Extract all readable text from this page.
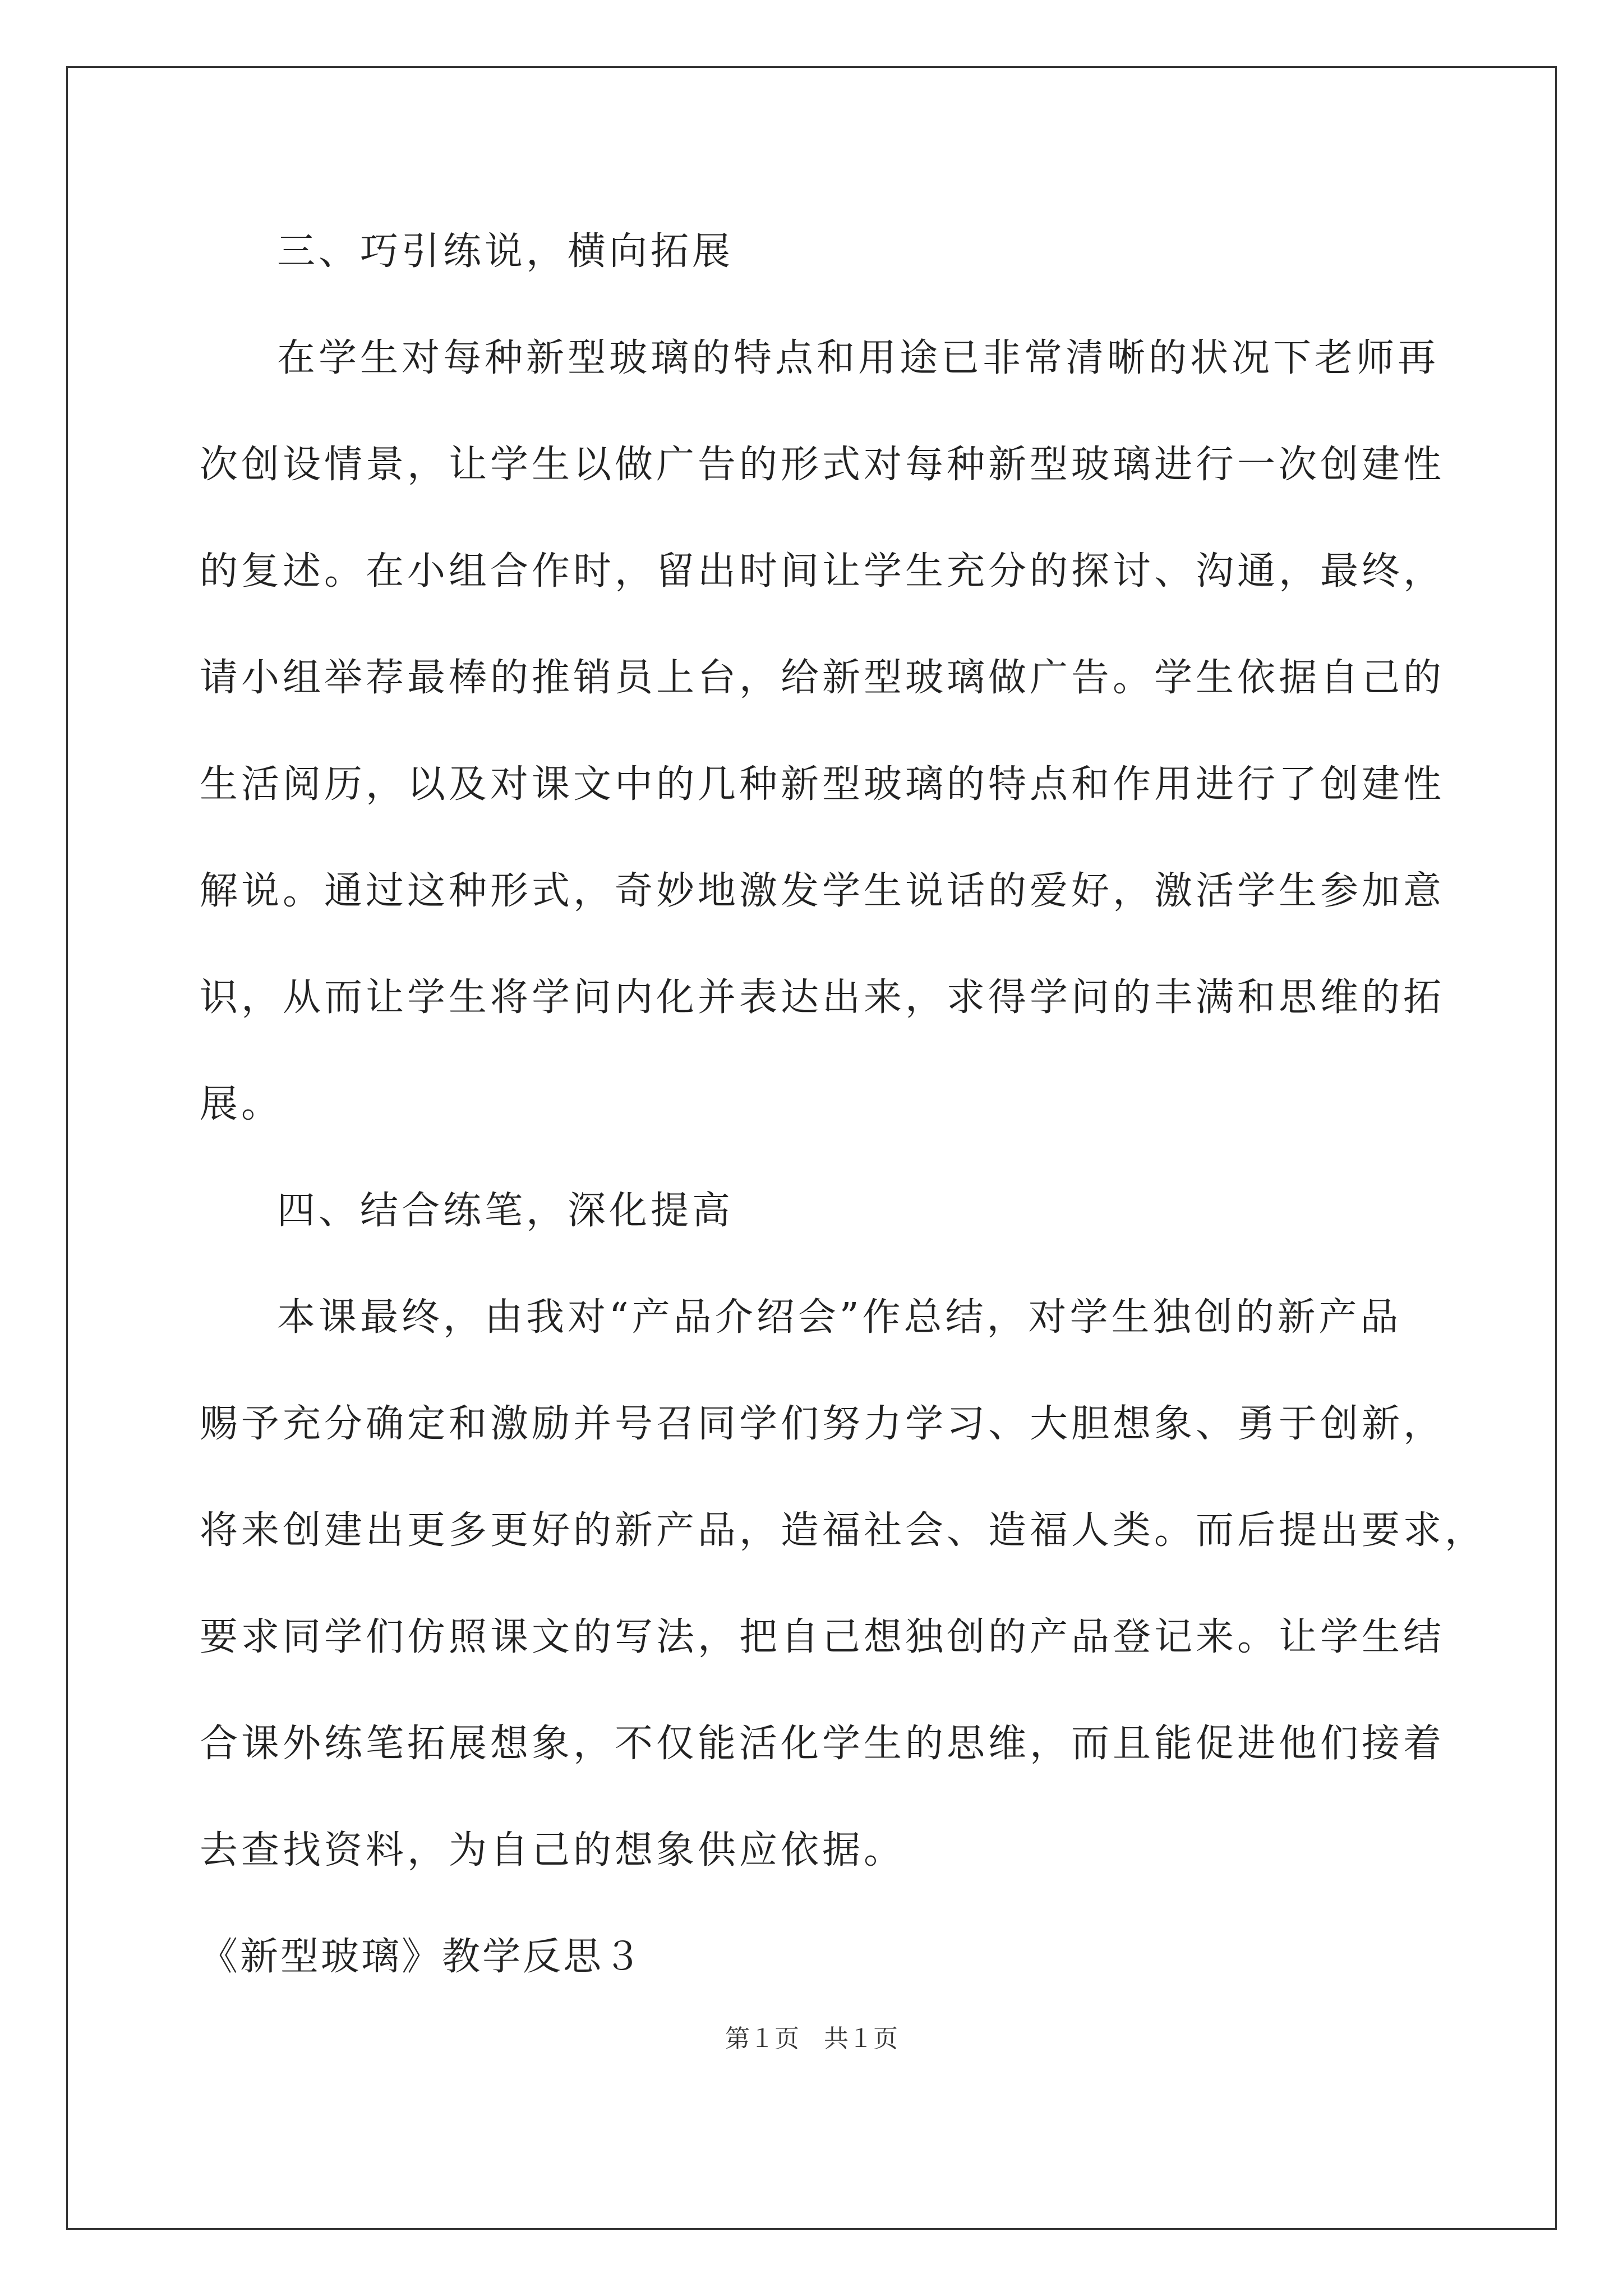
三、巧引练说，横向拓展
在学生对每种新型玻璃的特点和用途已非常清晰的状况下老师再
次创设情景，让学生以做广告的形式对每种新型玻璃进行一次创建性
的复述。在小组合作时，留出时间让学生充分的探讨、沟通，最终，
请小组举荐最棒的推销员上台，给新型玻璃做广告。学生依据自己的
生活阅历，以及对课文中的几种新型玻璃的特点和作用进行了创建性
解说。通过这种形式，奇妙地激发学生说话的爱好，激活学生参加意
识，从而让学生将学问内化并表达出来，求得学问的丰满和思维的拓
展。
四、结合练笔，深化提高
本课最终，由我对“产品介绍会”作总结，对学生独创的新产品
赐予充分确定和激励并号召同学们努力学习、大胆想象、勇于创新，
将来创建出更多更好的新产品，造福社会、造福人类。而后提出要求，
要求同学们仿照课文的写法，把自己想独创的产品登记来。让学生结
合课外练笔拓展想象，不仅能活化学生的思维，而且能促进他们接着
去查找资料，为自己的想象供应依据。
《新型玻璃》教学反思３
第１页　共１页
